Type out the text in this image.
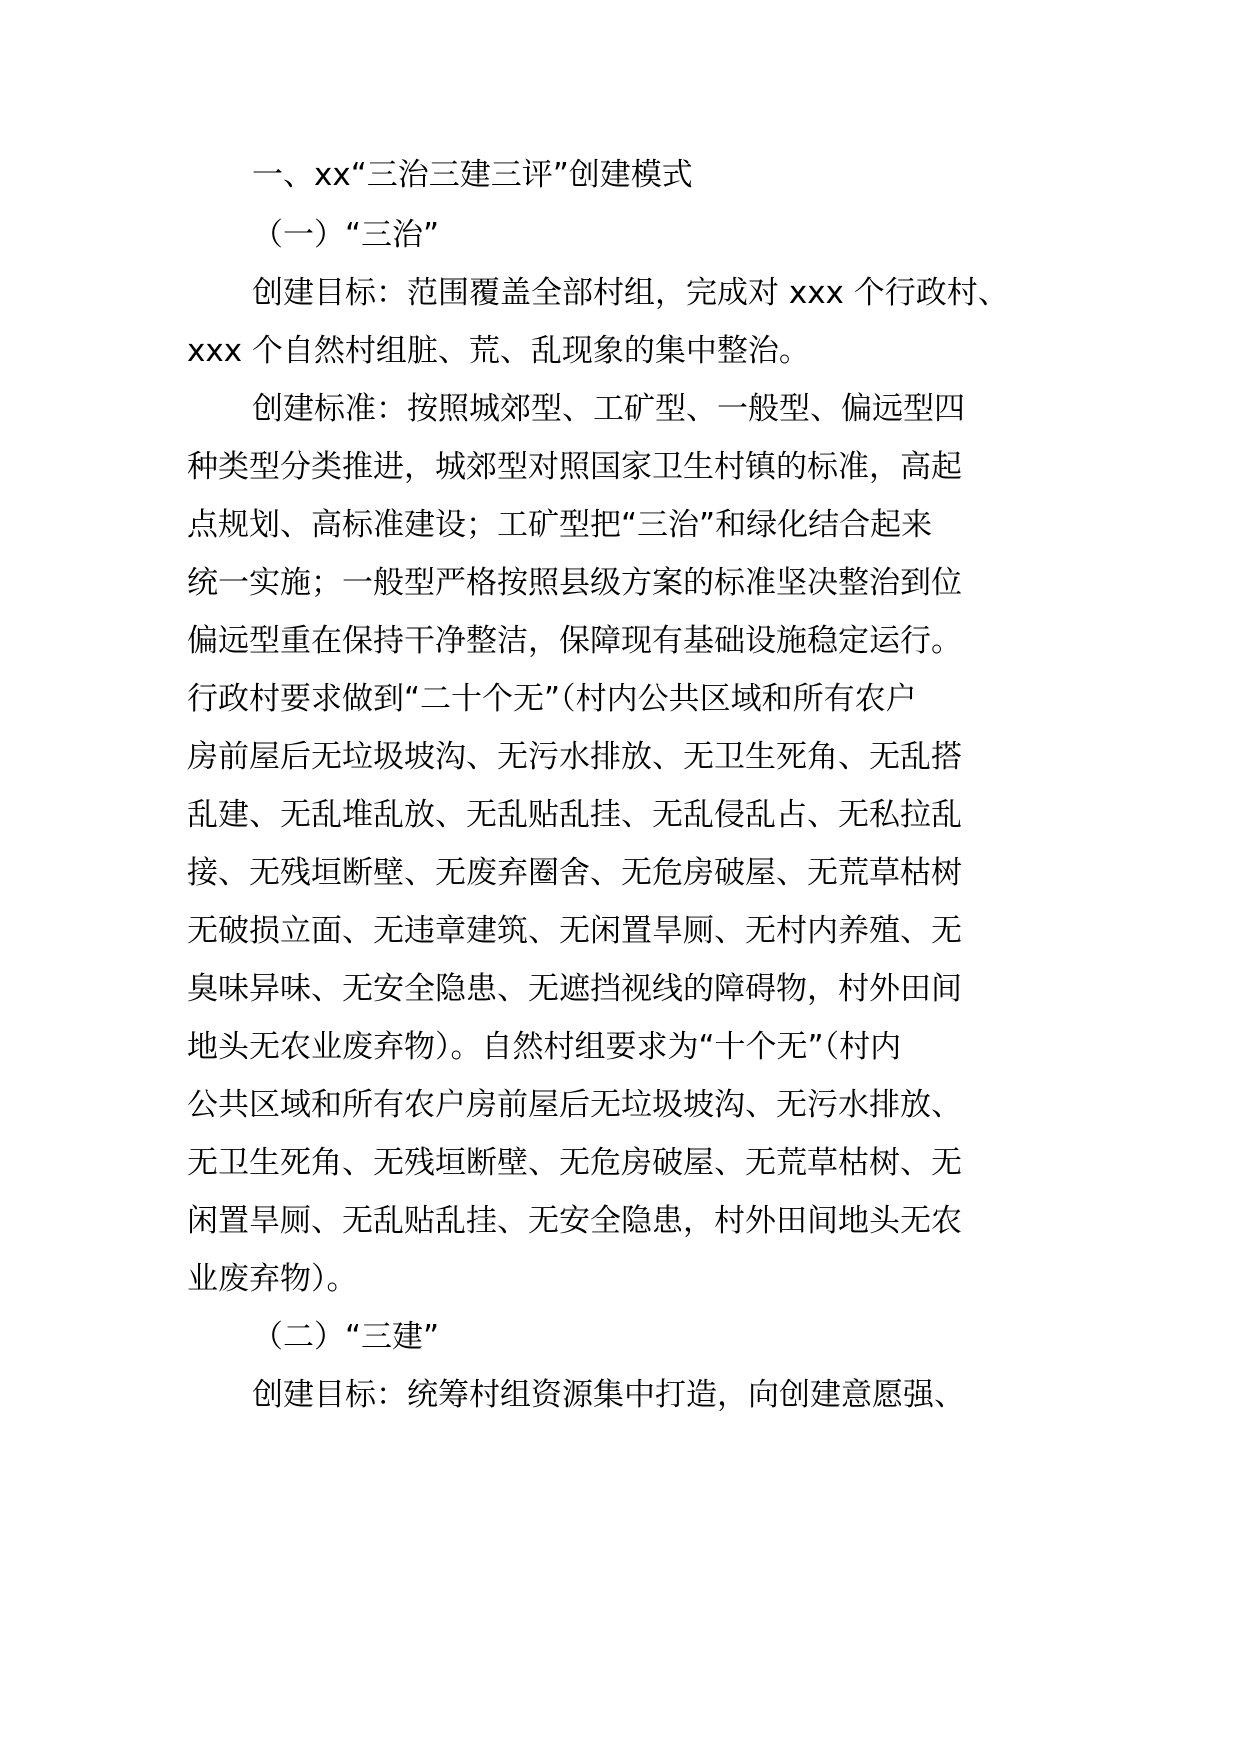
一、xx“三治三建三评”创建模式
（一）“三治”
创建目标：范围覆盖全部村组，完成对 xxx 个行政村、
xxx 个自然村组脏、荒、乱现象的集中整治。
创建标准：按照城郊型、工矿型、一般型、偏远型四
种类型分类推进，城郊型对照国家卫生村镇的标准，高起
点规划、高标准建设；工矿型把“三治”和绿化结合起来
统一实施；一般型严格按照县级方案的标准坚决整治到位
偏远型重在保持干净整洁，保障现有基础设施稳定运行。
行政村要求做到“二十个无”（村内公共区域和所有农户
房前屋后无垃圾坡沟、无污水排放、无卫生死角、无乱搭
乱建、无乱堆乱放、无乱贴乱挂、无乱侵乱占、无私拉乱
接、无残垣断壁、无废弃圈舍、无危房破屋、无荒草枯树
无破损立面、无违章建筑、无闲置旱厕、无村内养殖、无
臭味异味、无安全隐患、无遮挡视线的障碍物，村外田间
地头无农业废弃物）。自然村组要求为“十个无”（村内
公共区域和所有农户房前屋后无垃圾坡沟、无污水排放、
无卫生死角、无残垣断壁、无危房破屋、无荒草枯树、无
闲置旱厕、无乱贴乱挂、无安全隐患，村外田间地头无农
业废弃物）。
（二）“三建”
创建目标：统筹村组资源集中打造，向创建意愿强、
